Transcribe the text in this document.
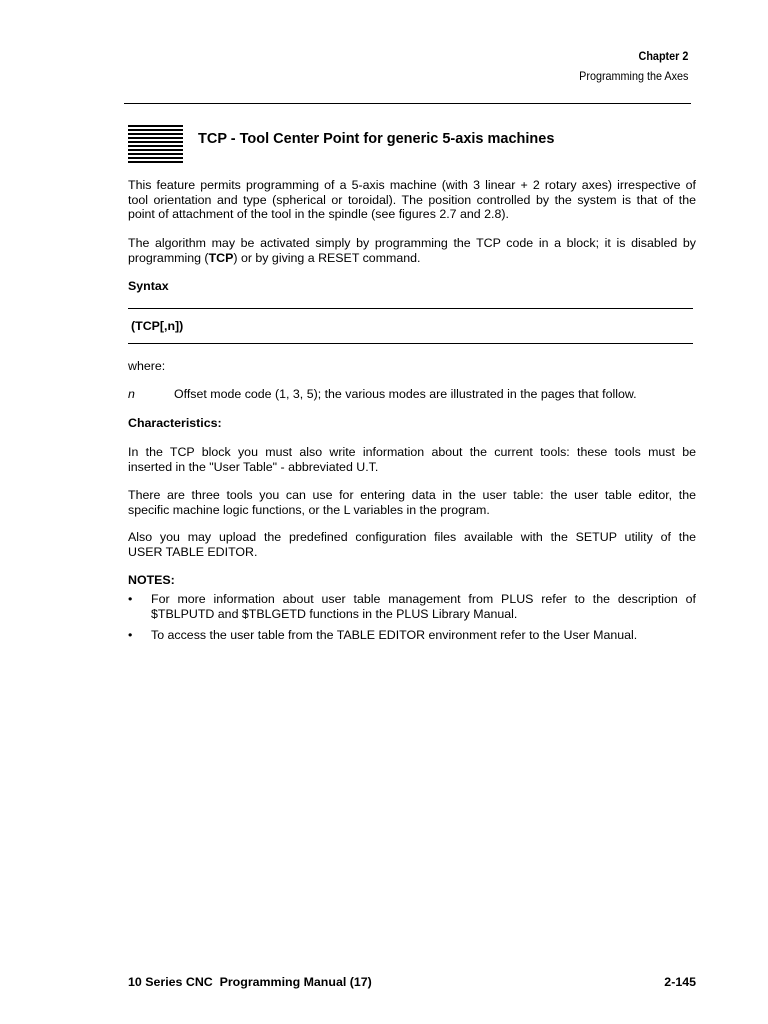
Chapter 2
Programming the Axes
TCP - Tool Center Point for generic 5-axis machines
This feature permits programming of a 5-axis machine (with 3 linear + 2 rotary axes) irrespective of
tool orientation and type (spherical or toroidal). The position controlled by the system is that of the
point of attachment of the tool in the spindle (see figures 2.7 and 2.8).
The algorithm may be activated simply by programming the TCP code in a block; it is disabled by
programming (TCP) or by giving a RESET command.
Syntax
(TCP[,n])
where:
n	Offset mode code (1, 3, 5); the various modes are illustrated in the pages that follow.
Characteristics:
In the TCP block you must also write information about the current tools: these tools must be
inserted in the "User Table" - abbreviated U.T.
There are three tools you can use for entering data in the user table: the user table editor, the
specific machine logic functions, or the L variables in the program.
Also you may upload the predefined configuration files available with the SETUP utility of the
USER TABLE EDITOR.
NOTES:
• For more information about user table management from PLUS refer to the description of
$TBLPUTD and $TBLGETD functions in the PLUS Library Manual.
• To access the user table from the TABLE EDITOR environment refer to the User Manual.
10 Series CNC  Programming Manual (17)	2-145
